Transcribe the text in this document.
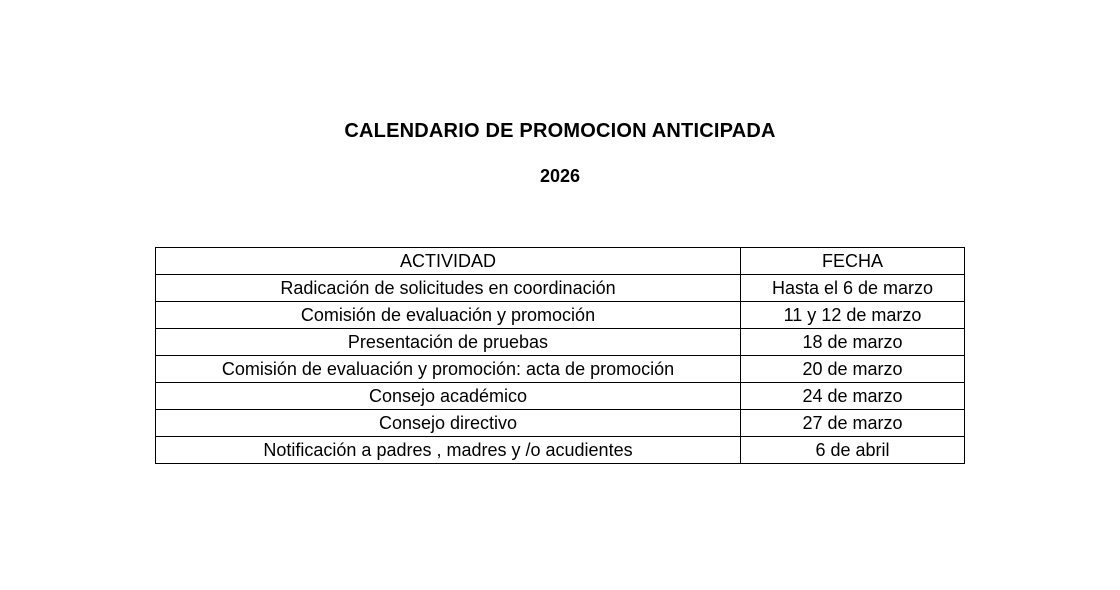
CALENDARIO DE PROMOCION ANTICIPADA
2026
ACTIVIDAD	FECHA
Radicación de solicitudes en coordinación	Hasta el 6 de marzo
Comisión de evaluación y promoción	11 y 12 de marzo
Presentación de pruebas	18 de marzo
Comisión de evaluación y promoción: acta de promoción	20 de marzo
Consejo académico	24 de marzo
Consejo directivo	27 de marzo
Notificación a padres , madres y /o acudientes	6 de abril
